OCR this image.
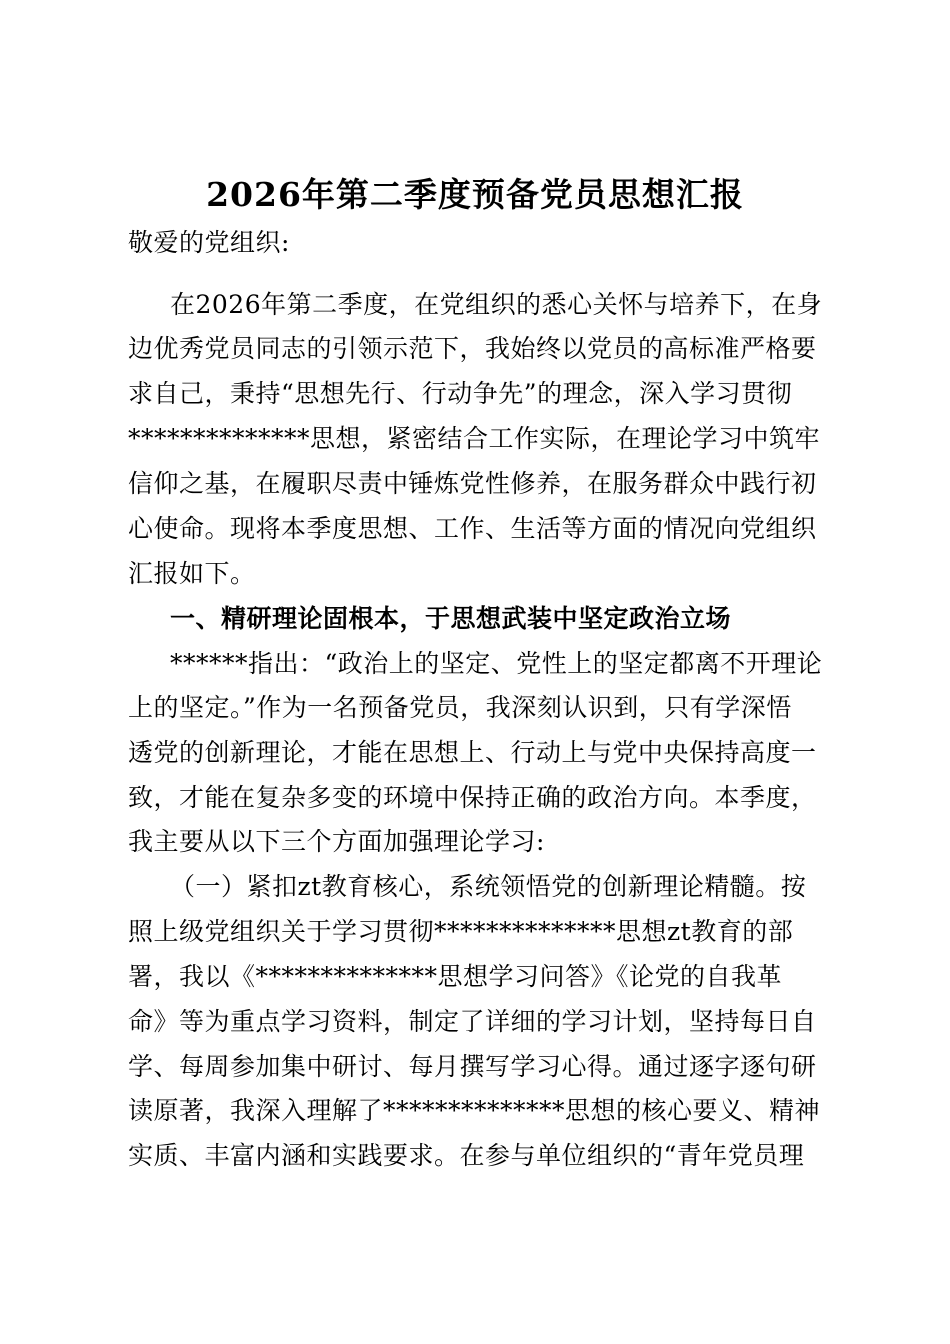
2026年第二季度预备党员思想汇报
敬爱的党组织:
在2026年第二季度，在党组织的悉心关怀与培养下，在身
边优秀党员同志的引领示范下，我始终以党员的高标准严格要
求自己，秉持“思想先行、行动争先”的理念，深入学习贯彻
**************思想，紧密结合工作实际，在理论学习中筑牢
信仰之基，在履职尽责中锤炼党性修养，在服务群众中践行初
心使命。现将本季度思想、工作、生活等方面的情况向党组织
汇报如下。
一、精研理论固根本，于思想武装中坚定政治立场
******指出：“政治上的坚定、党性上的坚定都离不开理论
上的坚定。”作为一名预备党员，我深刻认识到，只有学深悟
透党的创新理论，才能在思想上、行动上与党中央保持高度一
致，才能在复杂多变的环境中保持正确的政治方向。本季度，
我主要从以下三个方面加强理论学习:
（一）紧扣zt教育核心，系统领悟党的创新理论精髓。按
照上级党组织关于学习贯彻**************思想zt教育的部
署，我以《**************思想学习问答》《论党的自我革
命》等为重点学习资料，制定了详细的学习计划，坚持每日自
学、每周参加集中研讨、每月撰写学习心得。通过逐字逐句研
读原著，我深入理解了**************思想的核心要义、精神
实质、丰富内涵和实践要求。在参与单位组织的“青年党员理
